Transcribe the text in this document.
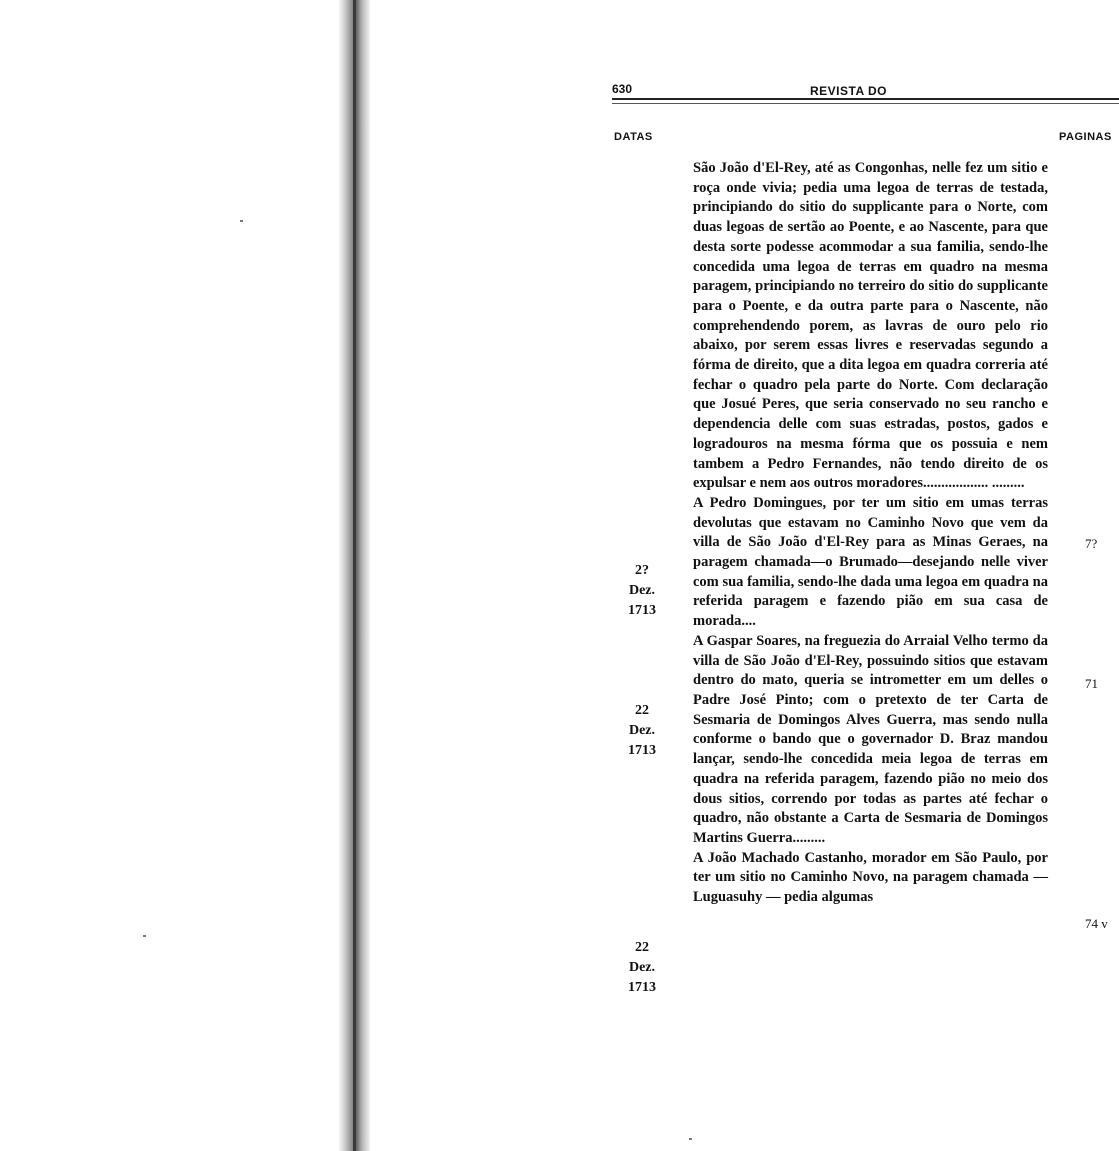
630	REVISTA DO
DATAS	PAGINAS

São João d'El-Rey, até as Congonhas, nelle fez um sitio e roça onde vivia; pedia uma legoa de terras de testada, principiando do sitio do supplicante para o Norte, com duas legoas de sertão ao Poente, e ao Nascente, para que desta sorte podesse acommodar a sua familia, sendo-lhe concedida uma legoa de terras em quadro na mesma paragem, principiando no terreiro do sitio do supplicante para o Poente, e da outra parte para o Nascente, não comprehendendo porem, as lavras de ouro pelo rio abaixo, por serem essas livres e reservadas segundo a fórma de direito, que a dita legoa em quadra correria até fechar o quadro pela parte do Norte. Com declaração que Josué Peres, que seria conservado no seu rancho e dependencia delle com suas estradas, postos, gados e logradouros na mesma fórma que os possuia e nem tambem a Pedro Fernandes, não tendo direito de os expulsar e nem aos outros moradores.................. .........

A Pedro Domingues, por ter um sitio em umas terras devolutas que estavam no Caminho Novo que vem da villa de São João d'El-Rey para as Minas Geraes, na paragem chamada—o Brumado—desejando nelle viver com sua familia, sendo-lhe dada uma legoa em quadra na referida paragem e fazendo pião em sua casa de morada....

A Gaspar Soares, na freguezia do Arraial Velho termo da villa de São João d'El-Rey, possuindo sitios que estavam dentro do mato, queria se intrometter em um delles o Padre José Pinto; com o pretexto de ter Carta de Sesmaria de Domingos Alves Guerra, mas sendo nulla conforme o bando que o governador D. Braz mandou lançar, sendo-lhe concedida meia legoa de terras em quadra na referida paragem, fazendo pião no meio dos dous sitios, correndo por todas as partes até fechar o quadro, não obstante a Carta de Sesmaria de Domingos Martins Guerra.........

A João Machado Castanho, morador em São Paulo, por ter um sitio no Caminho Novo, na paragem chamada — Luguasuhy — pedia algumas

2?
Dez.
1713
22
Dez.
1713
22
Dez.
1713
7?
71
74 v
